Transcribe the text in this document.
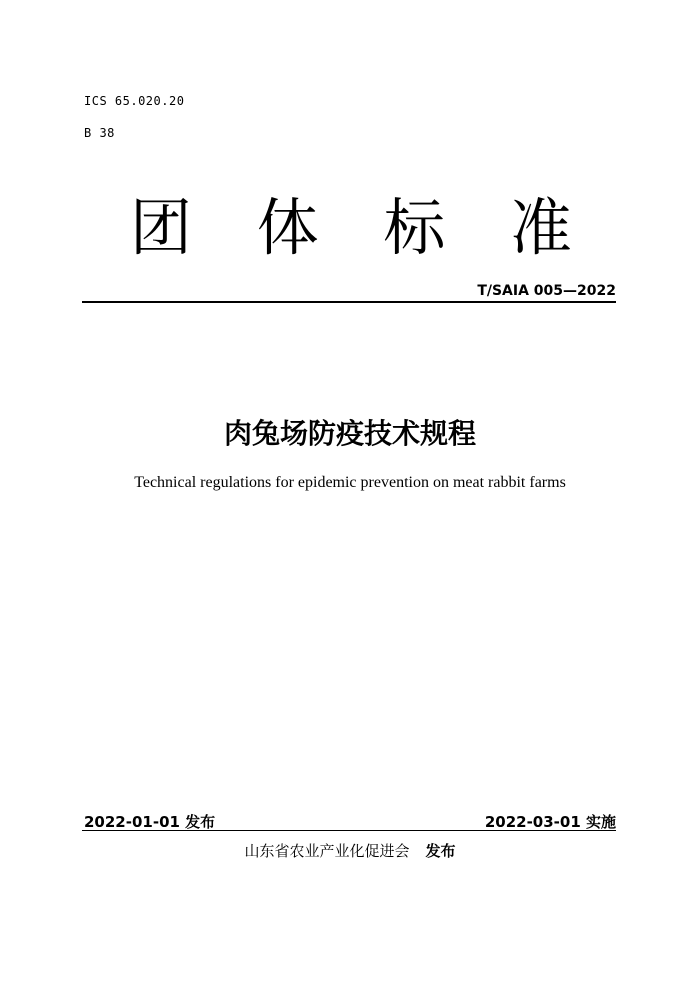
ICS 65.020.20
B 38
团 体 标 准
T/SAIA 005—2022
肉兔场防疫技术规程
Technical regulations for epidemic prevention on meat rabbit farms
2022-01-01 发布	2022-03-01 实施
山东省农业产业化促进会 发布
